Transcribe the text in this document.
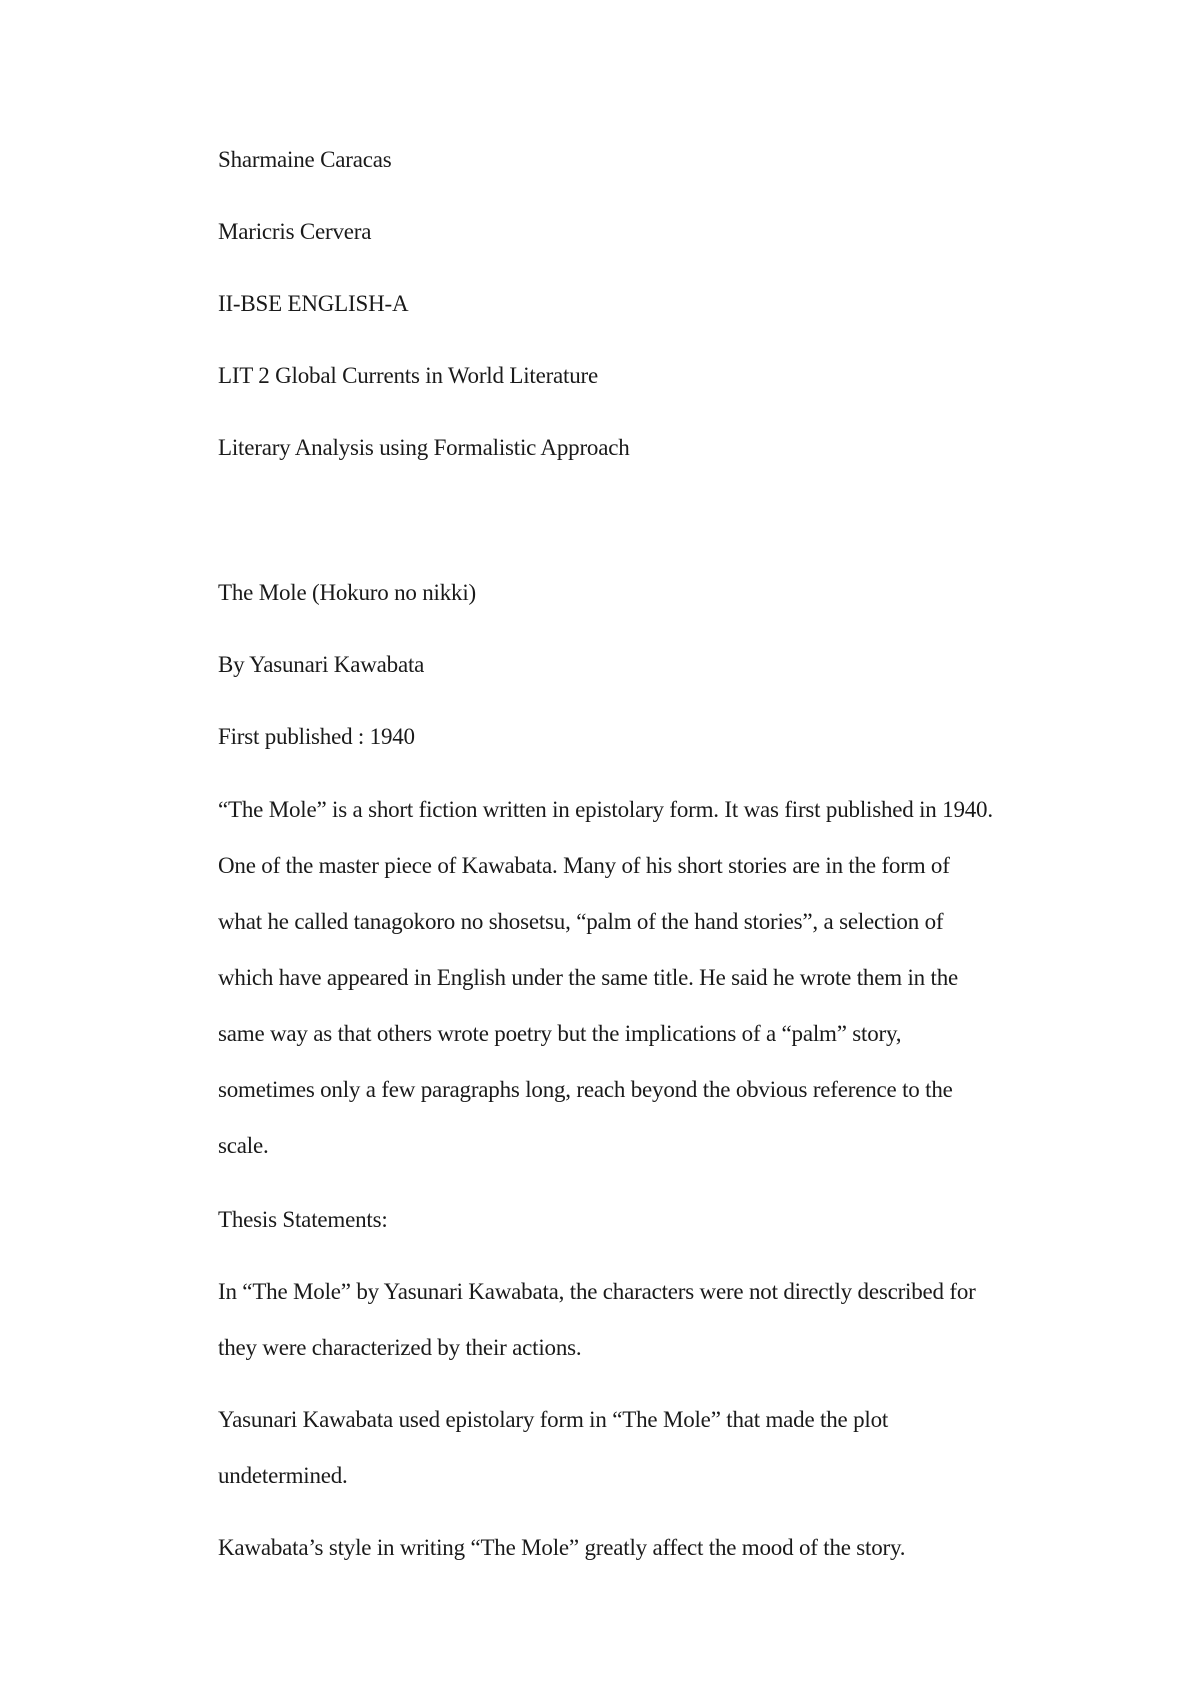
Sharmaine Caracas
Maricris Cervera
II-BSE ENGLISH-A
LIT 2 Global Currents in World Literature
Literary Analysis using Formalistic Approach
The Mole (Hokuro no nikki)
By Yasunari Kawabata
First published : 1940
“The Mole” is a short fiction written in epistolary form. It was first published in 1940.
One of the master piece of Kawabata. Many of his short stories are in the form of
what he called tanagokoro no shosetsu, “palm of the hand stories”, a selection of
which have appeared in English under the same title. He said he wrote them in the
same way as that others wrote poetry but the implications of a “palm” story,
sometimes only a few paragraphs long, reach beyond the obvious reference to the
scale.
Thesis Statements:
In “The Mole” by Yasunari Kawabata, the characters were not directly described for
they were characterized by their actions.
Yasunari Kawabata used epistolary form in “The Mole” that made the plot
undetermined.
Kawabata’s style in writing “The Mole” greatly affect the mood of the story.
